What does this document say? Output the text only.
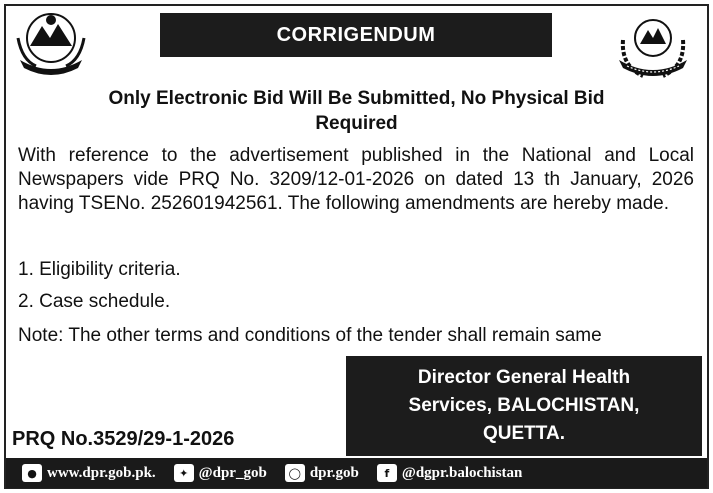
CORRIGENDUM
Only Electronic Bid Will Be Submitted, No Physical Bid
Required
With reference to the advertisement published in the National and Local Newspapers vide PRQ No. 3209/12-01-2026 on dated 13 th January, 2026 having TSENo. 252601942561. The following amendments are hereby made.
1. Eligibility criteria.
2. Case schedule.
Note: The other terms and conditions of the tender shall remain same
Director General Health
Services, BALOCHISTAN,
QUETTA.
PRQ No.3529/29-1-2026
● www.dpr.gob.pk.	✦ @dpr_gob	◯ dpr.gob	f @dgpr.balochistan
